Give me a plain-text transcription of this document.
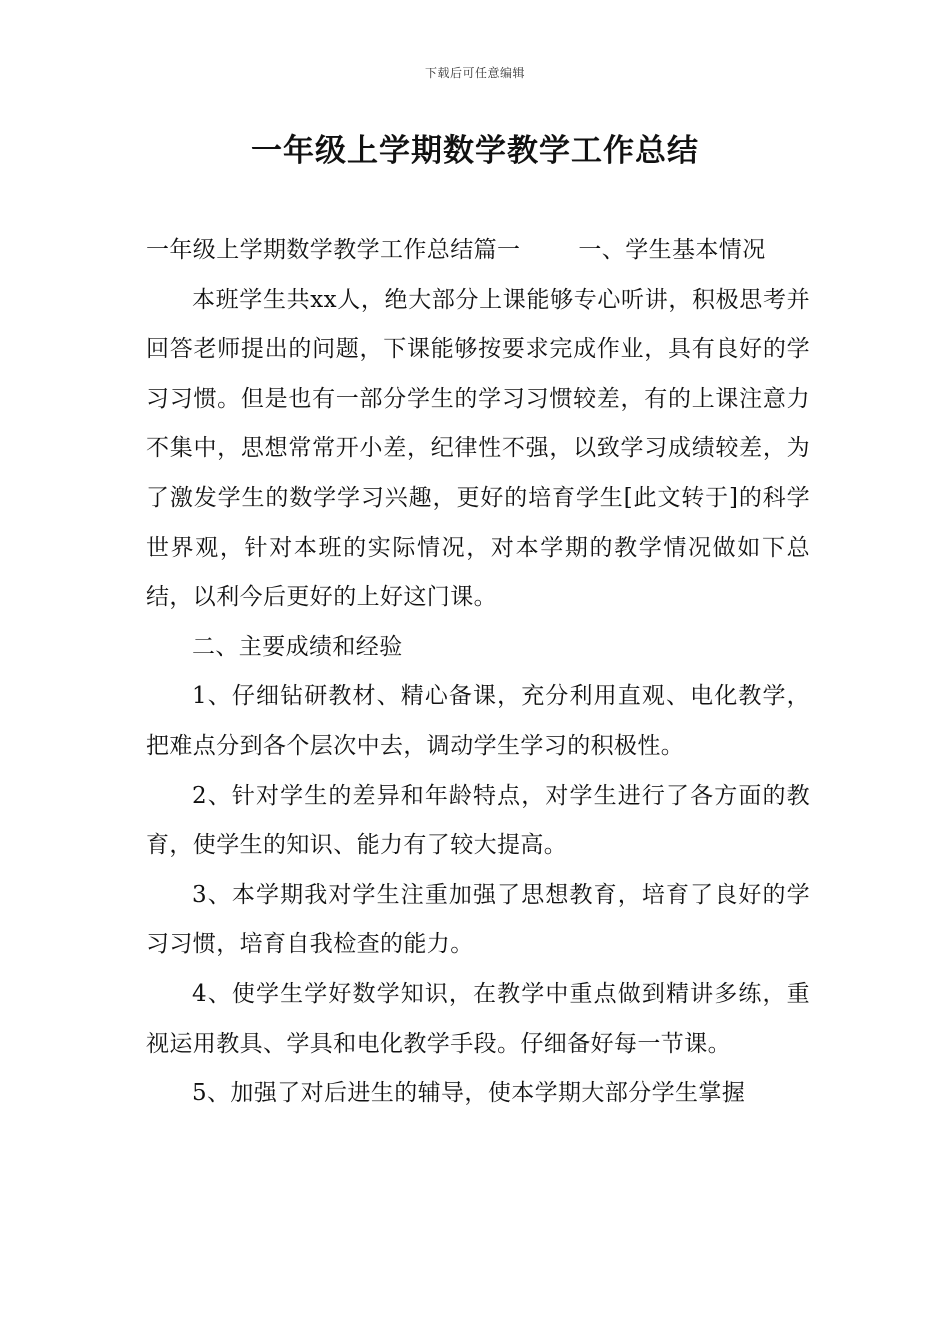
下载后可任意编辑
一年级上学期数学教学工作总结

一年级上学期数学教学工作总结篇一	一、学生基本情况

本班学生共xx人，绝大部分上课能够专心听讲，积极思考并回答老师提出的问题，下课能够按要求完成作业，具有良好的学习习惯。但是也有一部分学生的学习习惯较差，有的上课注意力不集中，思想常常开小差，纪律性不强，以致学习成绩较差，为了激发学生的数学学习兴趣，更好的培育学生[此文转于]的科学世界观，针对本班的实际情况，对本学期的教学情况做如下总结，以利今后更好的上好这门课。

二、主要成绩和经验

1、仔细钻研教材、精心备课，充分利用直观、电化教学，把难点分到各个层次中去，调动学生学习的积极性。

2、针对学生的差异和年龄特点，对学生进行了各方面的教育，使学生的知识、能力有了较大提高。

3、本学期我对学生注重加强了思想教育，培育了良好的学习习惯，培育自我检查的能力。

4、使学生学好数学知识，在教学中重点做到精讲多练，重视运用教具、学具和电化教学手段。仔细备好每一节课。

5、加强了对后进生的辅导，使本学期大部分学生掌握
